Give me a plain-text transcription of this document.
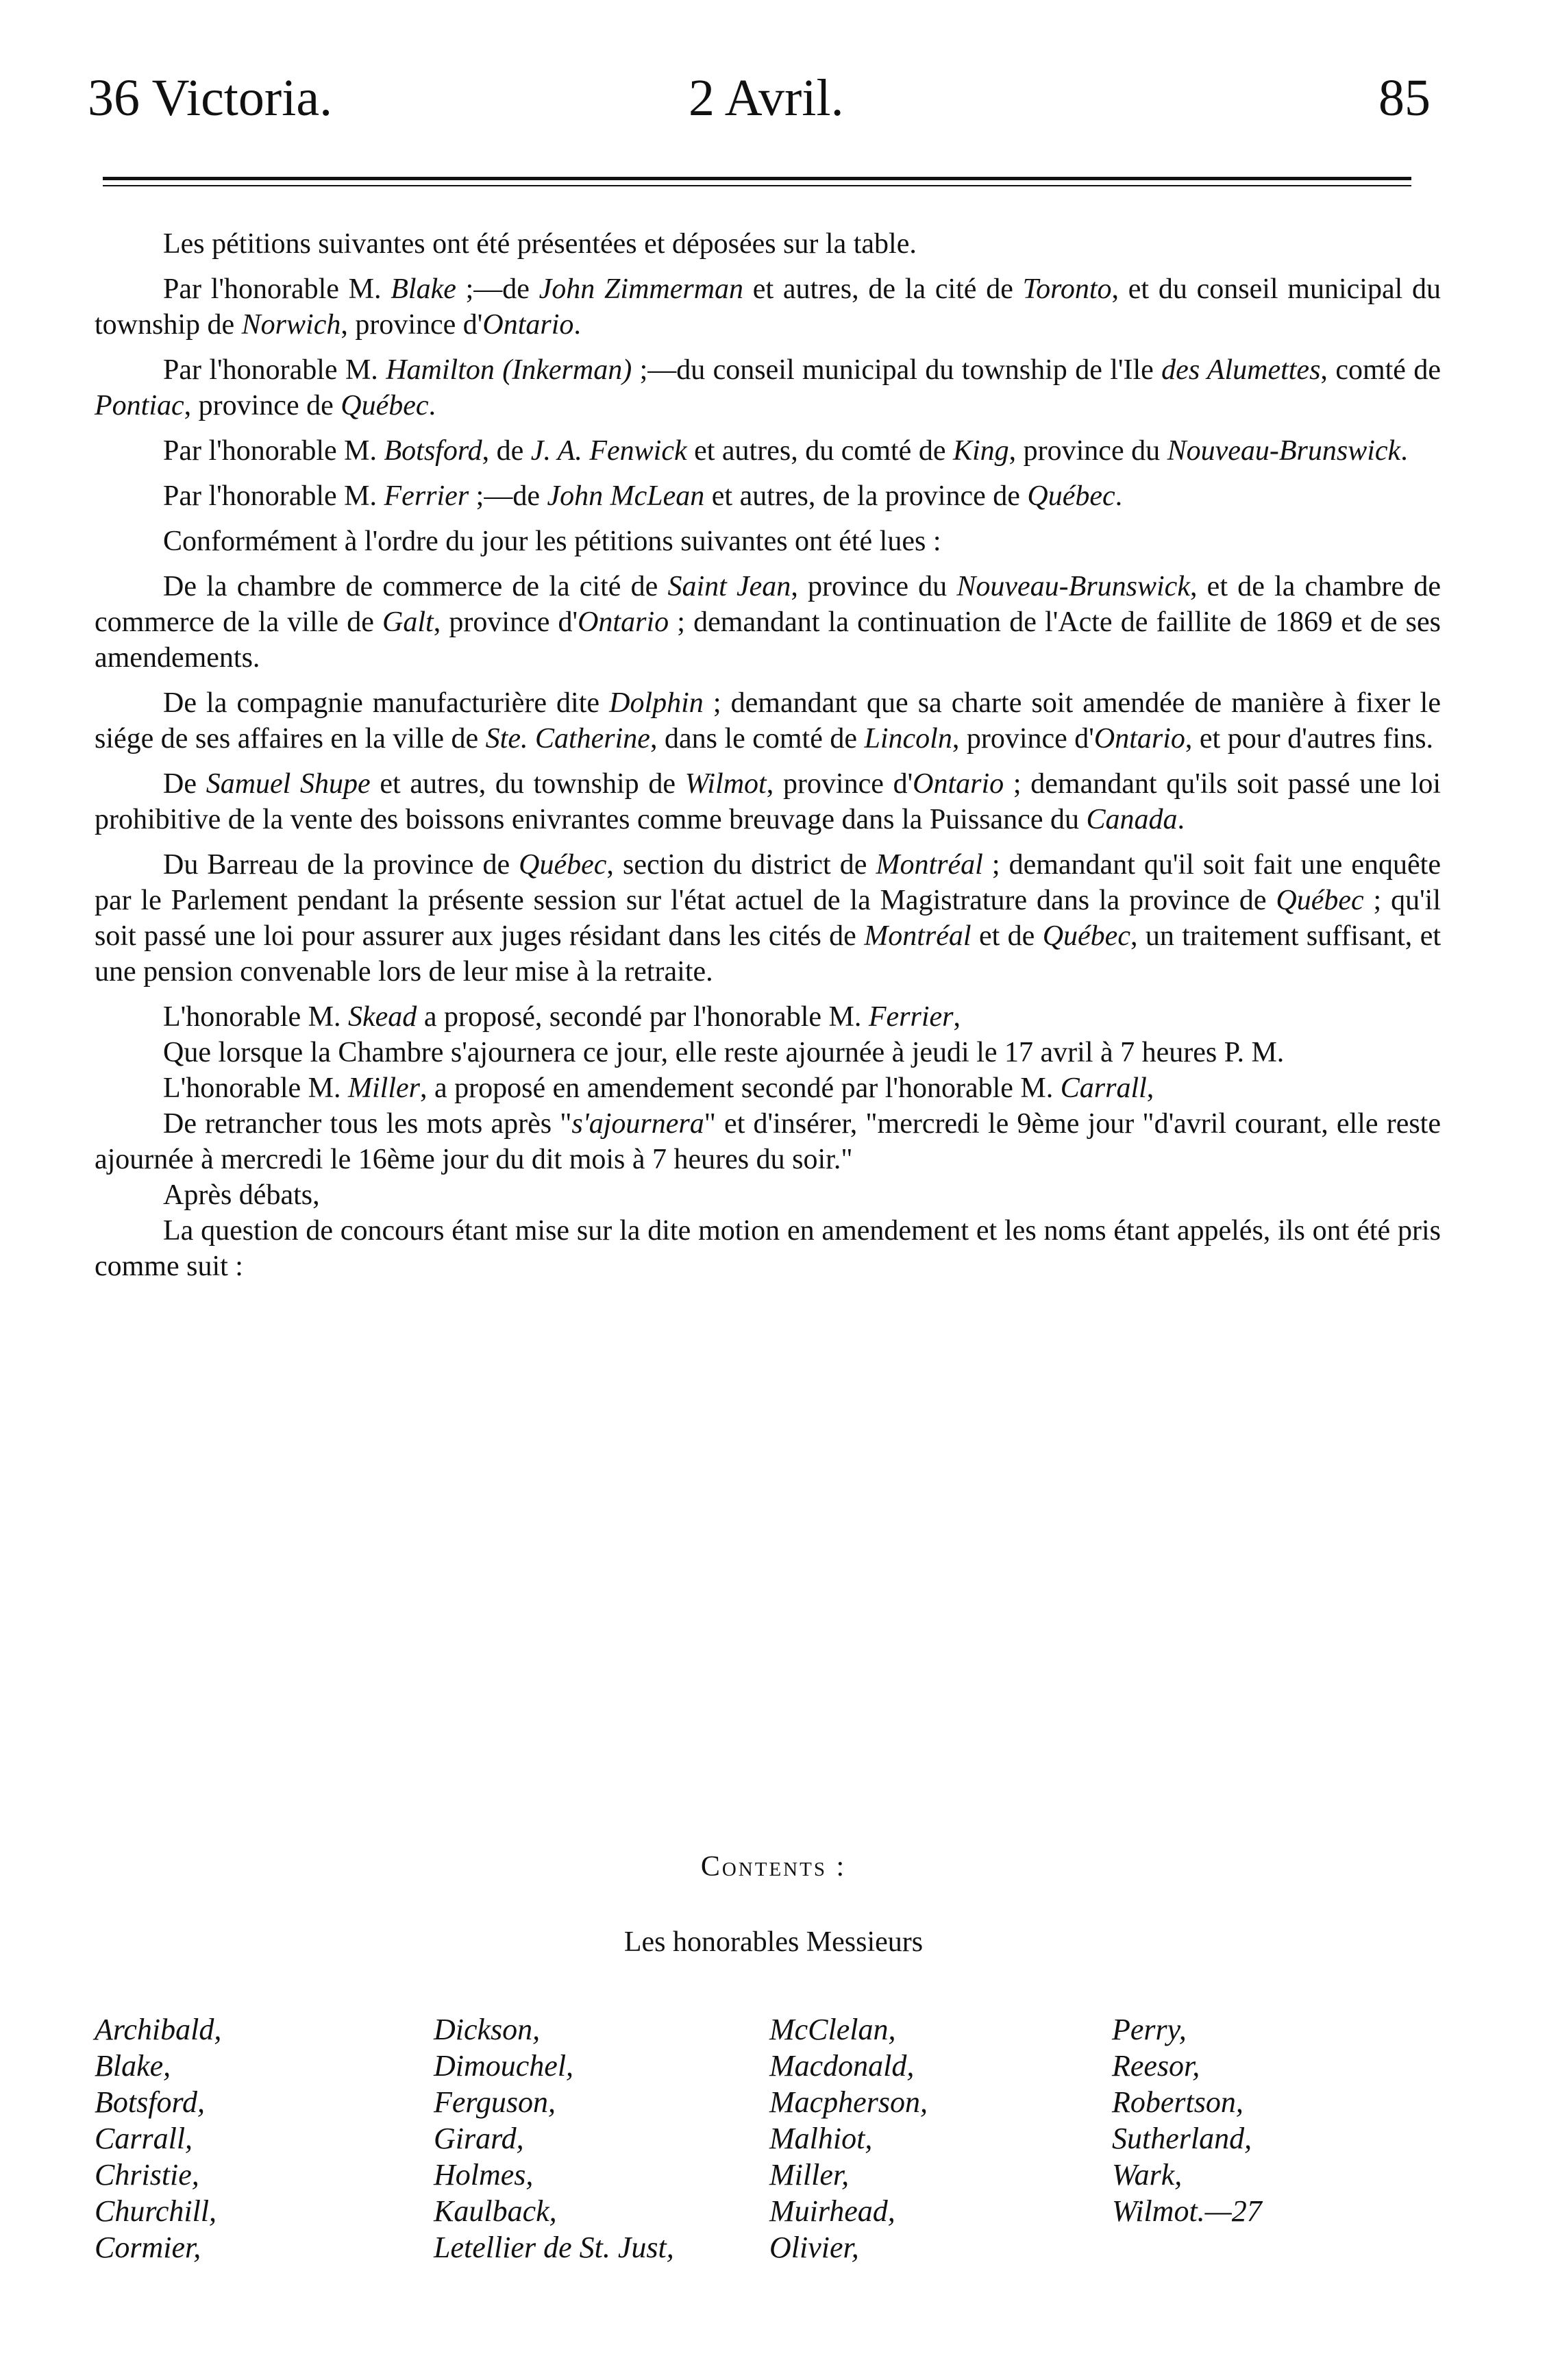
36 Victoria.	2 Avril.	85

Les pétitions suivantes ont été présentées et déposées sur la table.

Par l'honorable M. Blake ;—de John Zimmerman et autres, de la cité de Toronto, et du conseil municipal du township de Norwich, province d'Ontario.

Par l'honorable M. Hamilton (Inkerman) ;—du conseil municipal du township de l'Ile des Alumettes, comté de Pontiac, province de Québec.

Par l'honorable M. Botsford, de J. A. Fenwick et autres, du comté de King, province du Nouveau-Brunswick.

Par l'honorable M. Ferrier ;—de John McLean et autres, de la province de Québec.

Conformément à l'ordre du jour les pétitions suivantes ont été lues :

De la chambre de commerce de la cité de Saint Jean, province du Nouveau-Brunswick, et de la chambre de commerce de la ville de Galt, province d'Ontario ; demandant la continuation de l'Acte de faillite de 1869 et de ses amendements.

De la compagnie manufacturière dite Dolphin ; demandant que sa charte soit amendée de manière à fixer le siége de ses affaires en la ville de Ste. Catherine, dans le comté de Lincoln, province d'Ontario, et pour d'autres fins.

De Samuel Shupe et autres, du township de Wilmot, province d'Ontario ; demandant qu'ils soit passé une loi prohibitive de la vente des boissons enivrantes comme breuvage dans la Puissance du Canada.

Du Barreau de la province de Québec, section du district de Montréal ; demandant qu'il soit fait une enquête par le Parlement pendant la présente session sur l'état actuel de la Magistrature dans la province de Québec ; qu'il soit passé une loi pour assurer aux juges résidant dans les cités de Montréal et de Québec, un traitement suffisant, et une pension convenable lors de leur mise à la retraite.

L'honorable M. Skead a proposé, secondé par l'honorable M. Ferrier,

Que lorsque la Chambre s'ajournera ce jour, elle reste ajournée à jeudi le 17 avril à 7 heures P. M.

L'honorable M. Miller, a proposé en amendement secondé par l'honorable M. Carrall,

De retrancher tous les mots après "s'ajournera" et d'insérer, "mercredi le 9ème jour "d'avril courant, elle reste ajournée à mercredi le 16ème jour du dit mois à 7 heures du soir."

Après débats,

La question de concours étant mise sur la dite motion en amendement et les noms étant appelés, ils ont été pris comme suit :

Contents :
Les honorables Messieurs
Archibald,
Blake,
Botsford,
Carrall,
Christie,
Churchill,
Cormier,
Dickson,
Dimouchel,
Ferguson,
Girard,
Holmes,
Kaulback,
Letellier de St. Just,
McClelan,
Macdonald,
Macpherson,
Malhiot,
Miller,
Muirhead,
Olivier,
Perry,
Reesor,
Robertson,
Sutherland,
Wark,
Wilmot.—27
